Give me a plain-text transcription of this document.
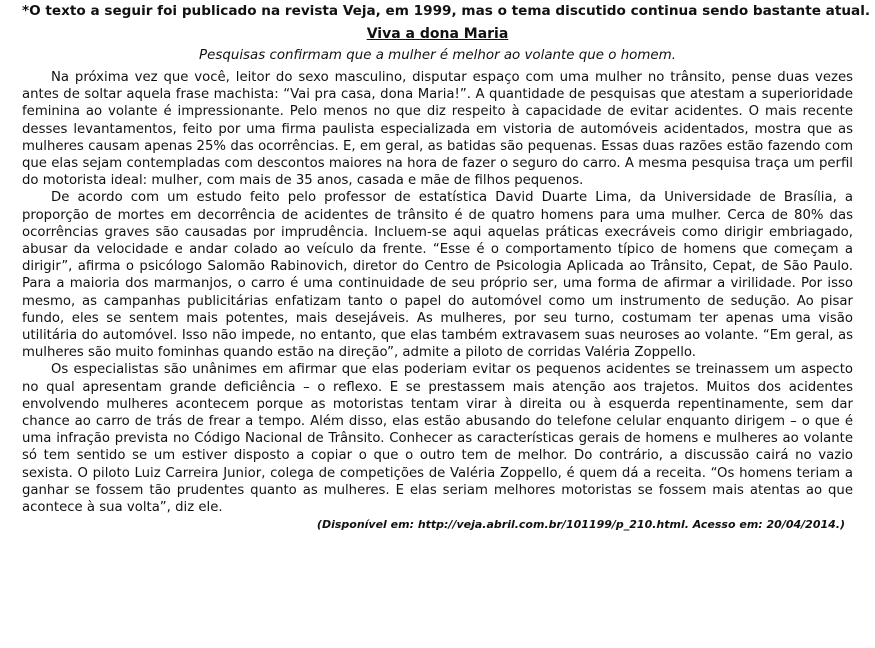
*O texto a seguir foi publicado na revista Veja, em 1999, mas o tema discutido continua sendo bastante atual.

Viva a dona Maria
Pesquisas confirmam que a mulher é melhor ao volante que o homem.

Na próxima vez que você, leitor do sexo masculino, disputar espaço com uma mulher no trânsito, pense duas vezes antes de soltar aquela frase machista: “Vai pra casa, dona Maria!”. A quantidade de pesquisas que atestam a superioridade feminina ao volante é impressionante. Pelo menos no que diz respeito à capacidade de evitar acidentes. O mais recente desses levantamentos, feito por uma firma paulista especializada em vistoria de automóveis acidentados, mostra que as mulheres causam apenas 25% das ocorrências. E, em geral, as batidas são pequenas. Essas duas razões estão fazendo com que elas sejam contempladas com descontos maiores na hora de fazer o seguro do carro. A mesma pesquisa traça um perfil do motorista ideal: mulher, com mais de 35 anos, casada e mãe de filhos pequenos.

De acordo com um estudo feito pelo professor de estatística David Duarte Lima, da Universidade de Brasília, a proporção de mortes em decorrência de acidentes de trânsito é de quatro homens para uma mulher. Cerca de 80% das ocorrências graves são causadas por imprudência. Incluem-se aqui aquelas práticas execráveis como dirigir embriagado, abusar da velocidade e andar colado ao veículo da frente. “Esse é o comportamento típico de homens que começam a dirigir”, afirma o psicólogo Salomão Rabinovich, diretor do Centro de Psicologia Aplicada ao Trânsito, Cepat, de São Paulo. Para a maioria dos marmanjos, o carro é uma continuidade de seu próprio ser, uma forma de afirmar a virilidade. Por isso mesmo, as campanhas publicitárias enfatizam tanto o papel do automóvel como um instrumento de sedução. Ao pisar fundo, eles se sentem mais potentes, mais desejáveis. As mulheres, por seu turno, costumam ter apenas uma visão utilitária do automóvel. Isso não impede, no entanto, que elas também extravasem suas neuroses ao volante. “Em geral, as mulheres são muito fominhas quando estão na direção”, admite a piloto de corridas Valéria Zoppello.

Os especialistas são unânimes em afirmar que elas poderiam evitar os pequenos acidentes se treinassem um aspecto no qual apresentam grande deficiência – o reflexo. E se prestassem mais atenção aos trajetos. Muitos dos acidentes envolvendo mulheres acontecem porque as motoristas tentam virar à direita ou à esquerda repentinamente, sem dar chance ao carro de trás de frear a tempo. Além disso, elas estão abusando do telefone celular enquanto dirigem – o que é uma infração prevista no Código Nacional de Trânsito. Conhecer as características gerais de homens e mulheres ao volante só tem sentido se um estiver disposto a copiar o que o outro tem de melhor. Do contrário, a discussão cairá no vazio sexista. O piloto Luiz Carreira Junior, colega de competições de Valéria Zoppello, é quem dá a receita. “Os homens teriam a ganhar se fossem tão prudentes quanto as mulheres. E elas seriam melhores motoristas se fossem mais atentas ao que acontece à sua volta”, diz ele.

(Disponível em: http://veja.abril.com.br/101199/p_210.html. Acesso em: 20/04/2014.)
